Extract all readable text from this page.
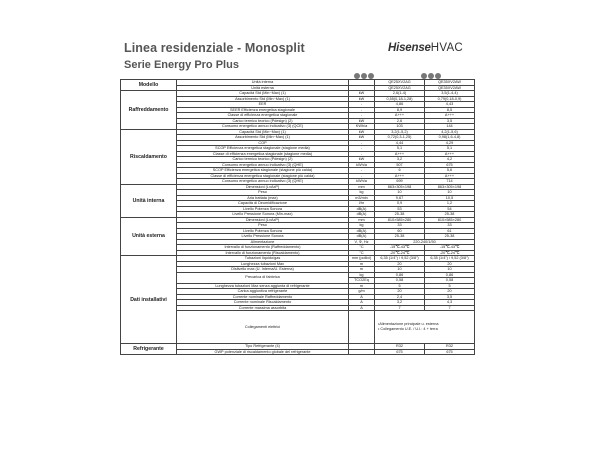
Linea residenziale - Monosplit
Serie Energy Pro Plus
HisenseHVAC
Modello	Unità interna		QE25XV2AG	QE35XV2AW
	Unità esterna		QE25XV2AG	QE35XV2AW
Raffreddamento	Capacità Std (Min~Max) (1)	kW	2,6(1-4)	3,5(1-4,4)
	Assorbimento Std (Min~Max) (1)	kW	0,55(0,18-1,28)	0,79(0,18-0,9)
	EER	-	4,86	4,43
	SEER Efficienza energetica stagionale	-	8,9	8,5
	Classe di efficienza energetica stagionale	-	A+++	A+++
	Carico termico teorico (Pdesign) (2)	kW	2,6	3,5
	Consumo energetico annuo indicativo (3) (QCE)	KWh/a	103	144
Riscaldamento	Capacità Std (Min~Max) (1)	kW	3,2(1-5,2)	4,2(1-5,6)
	Assorbimento Std (Min~Max) (1)	kW	0,72(0,3-1,25)	0,98(1,6-4,8)
	COP	-	4,44	4,29
	SCOP Efficienza energetica stagionale (stagione media)	-	5,1	5,1
	Classe di efficienza energetica stagionale (stagione media)	-	A+++	A+++
	Carico termico teorico (Pdesign) (2)	kW	3,2	4,2
	Consumo energetico annuo indicativo (3) (QHE)	kWh/a	507	675
	SCOP Efficienza energetica stagionale (stagione più calda)	-	6	5,6
	Classe di efficienza energetica stagionale (stagione più calda)	-	A+++	A+++
	Consumo energetico annuo indicativo (3) (QHE)	kWh/a	699	714
Unità interna	Dimensioni (LxAxP)	mm	863×305×198	863×305×198
	Peso	kg	10	10
	Aria trattata (max)	m3/min	9,67	10,5
	Capacità di Deumidificazione	l/hr	0,9	1,2
	Livello Potenza Sonora	dB(A)	53	54
	Livello Pressione Sonora (Min-max)	dB(A)	25-38	25-38
Unità esterna	Dimensioni (LxAxP)	mm	810×585×280	810×585×280
	Peso	kg	33	33
	Livello Potenza Sonora	dB(A)	60	61
	Livello Pressione Sonora	dB(A)	25-38	25-38
	Alimentazione	V, Φ, Hz	220-240/1/50	
	Intervallo di funzionamento (Raffreddamento)	°C	-15℃-43℃	-15℃-43℃
	Intervallo di funzionamento (Riscaldamento)	°C	-20℃-24℃	-20℃-24℃
Dati installativi	Tubazioni liquido/gas	mm (pollici)	6,35 (1/4") / 9,52 (3/8")	6,35 (1/4") / 9,52 (3/8")
	Lunghezza tubazioni Max	m	20	20
	Dislivello max (U. Interna/U. Esterna)	m	10	10
	Precarica di fabbrica	kg	0,86	0,86
		TCO2Eq	0,58	0,58
	Lunghezza tubazioni Max senza aggiunta di refrigerante	m	5	5
	Carica aggiuntiva refrigerante	g/m	20	20
	Corrente nominale Raffreddamento	A	2,4	3,5
	Corrente nominale Riscaldamento	A	3,2	4,3
	Corrente massima assorbita	A	7	7
	Collegamenti elettrici		•Alimentazione principale u. esterna
• Collegamento U.E. / U.I.: 4 + terra	

Refrigerante	Tipo Refrigerante (4)		R32	R32
	GWP potenziale di riscaldamento globale del refrigerante		675	675
